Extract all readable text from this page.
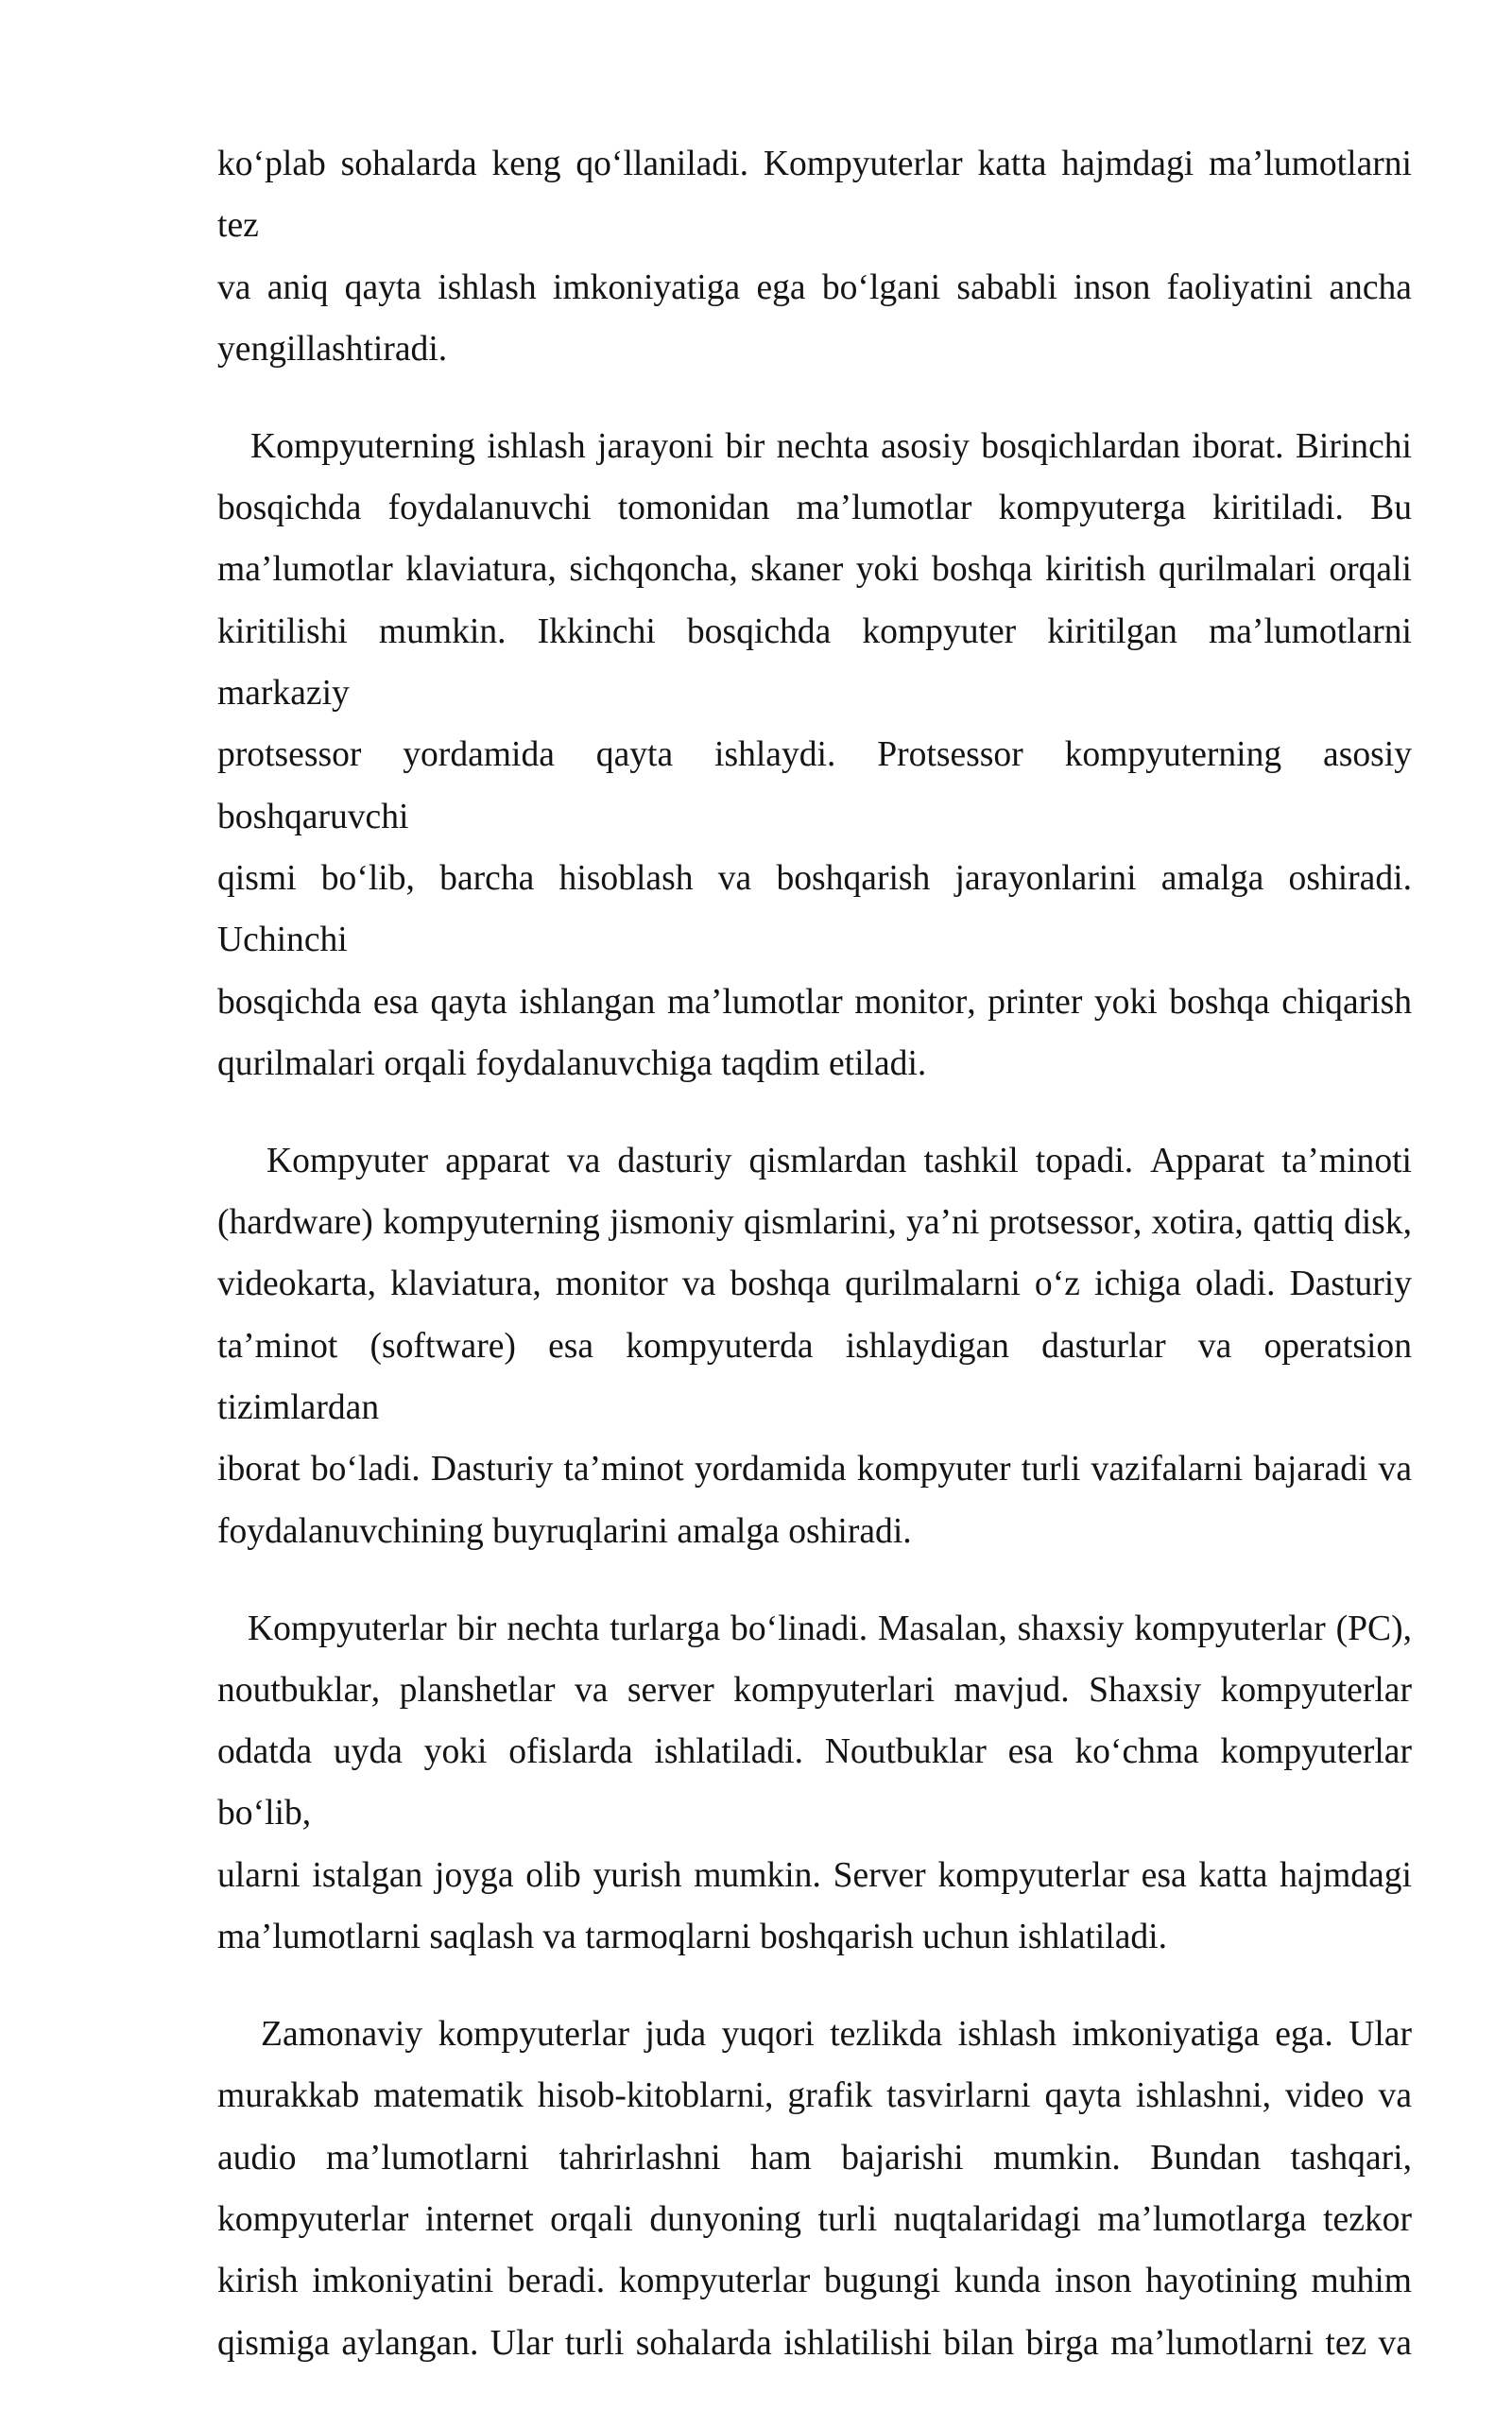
ko‘plab sohalarda keng qo‘llaniladi. Kompyuterlar katta hajmdagi ma’lumotlarni tez
va aniq qayta ishlash imkoniyatiga ega bo‘lgani sababli inson faoliyatini ancha
yengillashtiradi.
Kompyuterning ishlash jarayoni bir nechta asosiy bosqichlardan iborat. Birinchi
bosqichda foydalanuvchi tomonidan ma’lumotlar kompyuterga kiritiladi. Bu
ma’lumotlar klaviatura, sichqoncha, skaner yoki boshqa kiritish qurilmalari orqali
kiritilishi mumkin. Ikkinchi bosqichda kompyuter kiritilgan ma’lumotlarni markaziy
protsessor yordamida qayta ishlaydi. Protsessor kompyuterning asosiy boshqaruvchi
qismi bo‘lib, barcha hisoblash va boshqarish jarayonlarini amalga oshiradi. Uchinchi
bosqichda esa qayta ishlangan ma’lumotlar monitor, printer yoki boshqa chiqarish
qurilmalari orqali foydalanuvchiga taqdim etiladi.
Kompyuter apparat va dasturiy qismlardan tashkil topadi. Apparat ta’minoti
(hardware) kompyuterning jismoniy qismlarini, ya’ni protsessor, xotira, qattiq disk,
videokarta, klaviatura, monitor va boshqa qurilmalarni o‘z ichiga oladi. Dasturiy
ta’minot (software) esa kompyuterda ishlaydigan dasturlar va operatsion tizimlardan
iborat bo‘ladi. Dasturiy ta’minot yordamida kompyuter turli vazifalarni bajaradi va
foydalanuvchining buyruqlarini amalga oshiradi.
Kompyuterlar bir nechta turlarga bo‘linadi. Masalan, shaxsiy kompyuterlar (PC),
noutbuklar, planshetlar va server kompyuterlari mavjud. Shaxsiy kompyuterlar
odatda uyda yoki ofislarda ishlatiladi. Noutbuklar esa ko‘chma kompyuterlar bo‘lib,
ularni istalgan joyga olib yurish mumkin. Server kompyuterlar esa katta hajmdagi
ma’lumotlarni saqlash va tarmoqlarni boshqarish uchun ishlatiladi.
Zamonaviy kompyuterlar juda yuqori tezlikda ishlash imkoniyatiga ega. Ular
murakkab matematik hisob-kitoblarni, grafik tasvirlarni qayta ishlashni, video va
audio ma’lumotlarni tahrirlashni ham bajarishi mumkin. Bundan tashqari,
kompyuterlar internet orqali dunyoning turli nuqtalaridagi ma’lumotlarga tezkor
kirish imkoniyatini beradi. kompyuterlar bugungi kunda inson hayotining muhim
qismiga aylangan. Ular turli sohalarda ishlatilishi bilan birga ma’lumotlarni tez va
